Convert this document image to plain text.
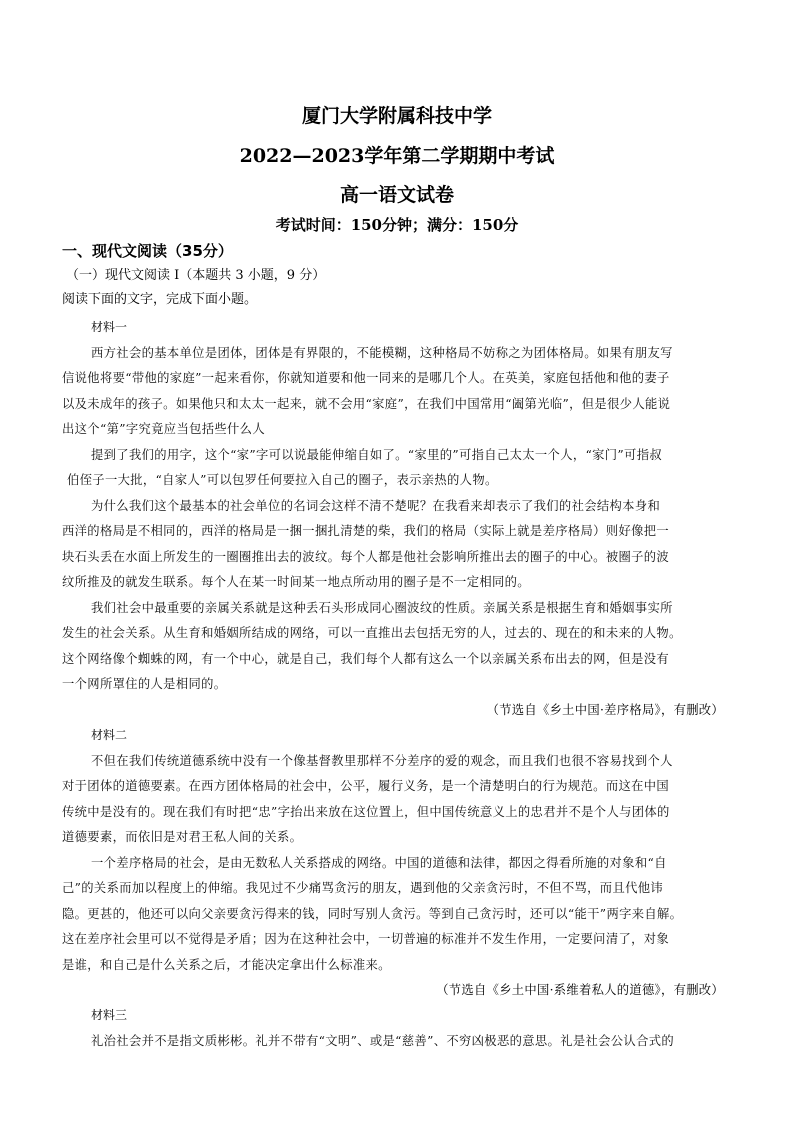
厦门大学附属科技中学
2022—2023学年第二学期期中考试
高一语文试卷
考试时间：150分钟；满分：150分
一、现代文阅读（35分）
（一）现代文阅读 I（本题共 3 小题，9 分）
阅读下面的文字，完成下面小题。
材料一
西方社会的基本单位是团体，团体是有界限的，不能模糊，这种格局不妨称之为团体格局。如果有朋友写
信说他将要“带他的家庭”一起来看你，你就知道要和他一同来的是哪几个人。在英美，家庭包括他和他的妻子
以及未成年的孩子。如果他只和太太一起来，就不会用“家庭”，在我们中国常用“阖第光临”，但是很少人能说
出这个“第”字究竟应当包括些什么人
提到了我们的用字，这个“家”字可以说最能伸缩自如了。“家里的”可指自己太太一个人，“家门”可指叔
伯侄子一大批，“自家人”可以包罗任何要拉入自己的圈子，表示亲热的人物。
为什么我们这个最基本的社会单位的名词会这样不清不楚呢？在我看来却表示了我们的社会结构本身和
西洋的格局是不相同的，西洋的格局是一捆一捆扎清楚的柴，我们的格局（实际上就是差序格局）则好像把一
块石头丢在水面上所发生的一圈圈推出去的波纹。每个人都是他社会影响所推出去的圈子的中心。被圈子的波
纹所推及的就发生联系。每个人在某一时间某一地点所动用的圈子是不一定相同的。
我们社会中最重要的亲属关系就是这种丢石头形成同心圈波纹的性质。亲属关系是根据生育和婚姻事实所
发生的社会关系。从生育和婚姻所结成的网络，可以一直推出去包括无穷的人，过去的、现在的和未来的人物。
这个网络像个蜘蛛的网，有一个中心，就是自己，我们每个人都有这么一个以亲属关系布出去的网，但是没有
一个网所罩住的人是相同的。
（节选自《乡土中国·差序格局》，有删改）
材料二
不但在我们传统道德系统中没有一个像基督教里那样不分差序的爱的观念，而且我们也很不容易找到个人
对于团体的道德要素。在西方团体格局的社会中，公平，履行义务，是一个清楚明白的行为规范。而这在中国
传统中是没有的。现在我们有时把“忠”字抬出来放在这位置上，但中国传统意义上的忠君并不是个人与团体的
道德要素，而依旧是对君王私人间的关系。
一个差序格局的社会，是由无数私人关系搭成的网络。中国的道德和法律，都因之得看所施的对象和“自
己”的关系而加以程度上的伸缩。我见过不少痛骂贪污的朋友，遇到他的父亲贪污时，不但不骂，而且代他讳
隐。更甚的，他还可以向父亲要贪污得来的钱，同时写别人贪污。等到自己贪污时，还可以“能干”两字来自解。
这在差序社会里可以不觉得是矛盾；因为在这种社会中，一切普遍的标准并不发生作用，一定要问清了，对象
是谁，和自己是什么关系之后，才能决定拿出什么标准来。
（节选自《乡土中国·系维着私人的道德》，有删改）
材料三
礼治社会并不是指文质彬彬。礼并不带有“文明”、或是“慈善”、不穷凶极恶的意思。礼是社会公认合式的
